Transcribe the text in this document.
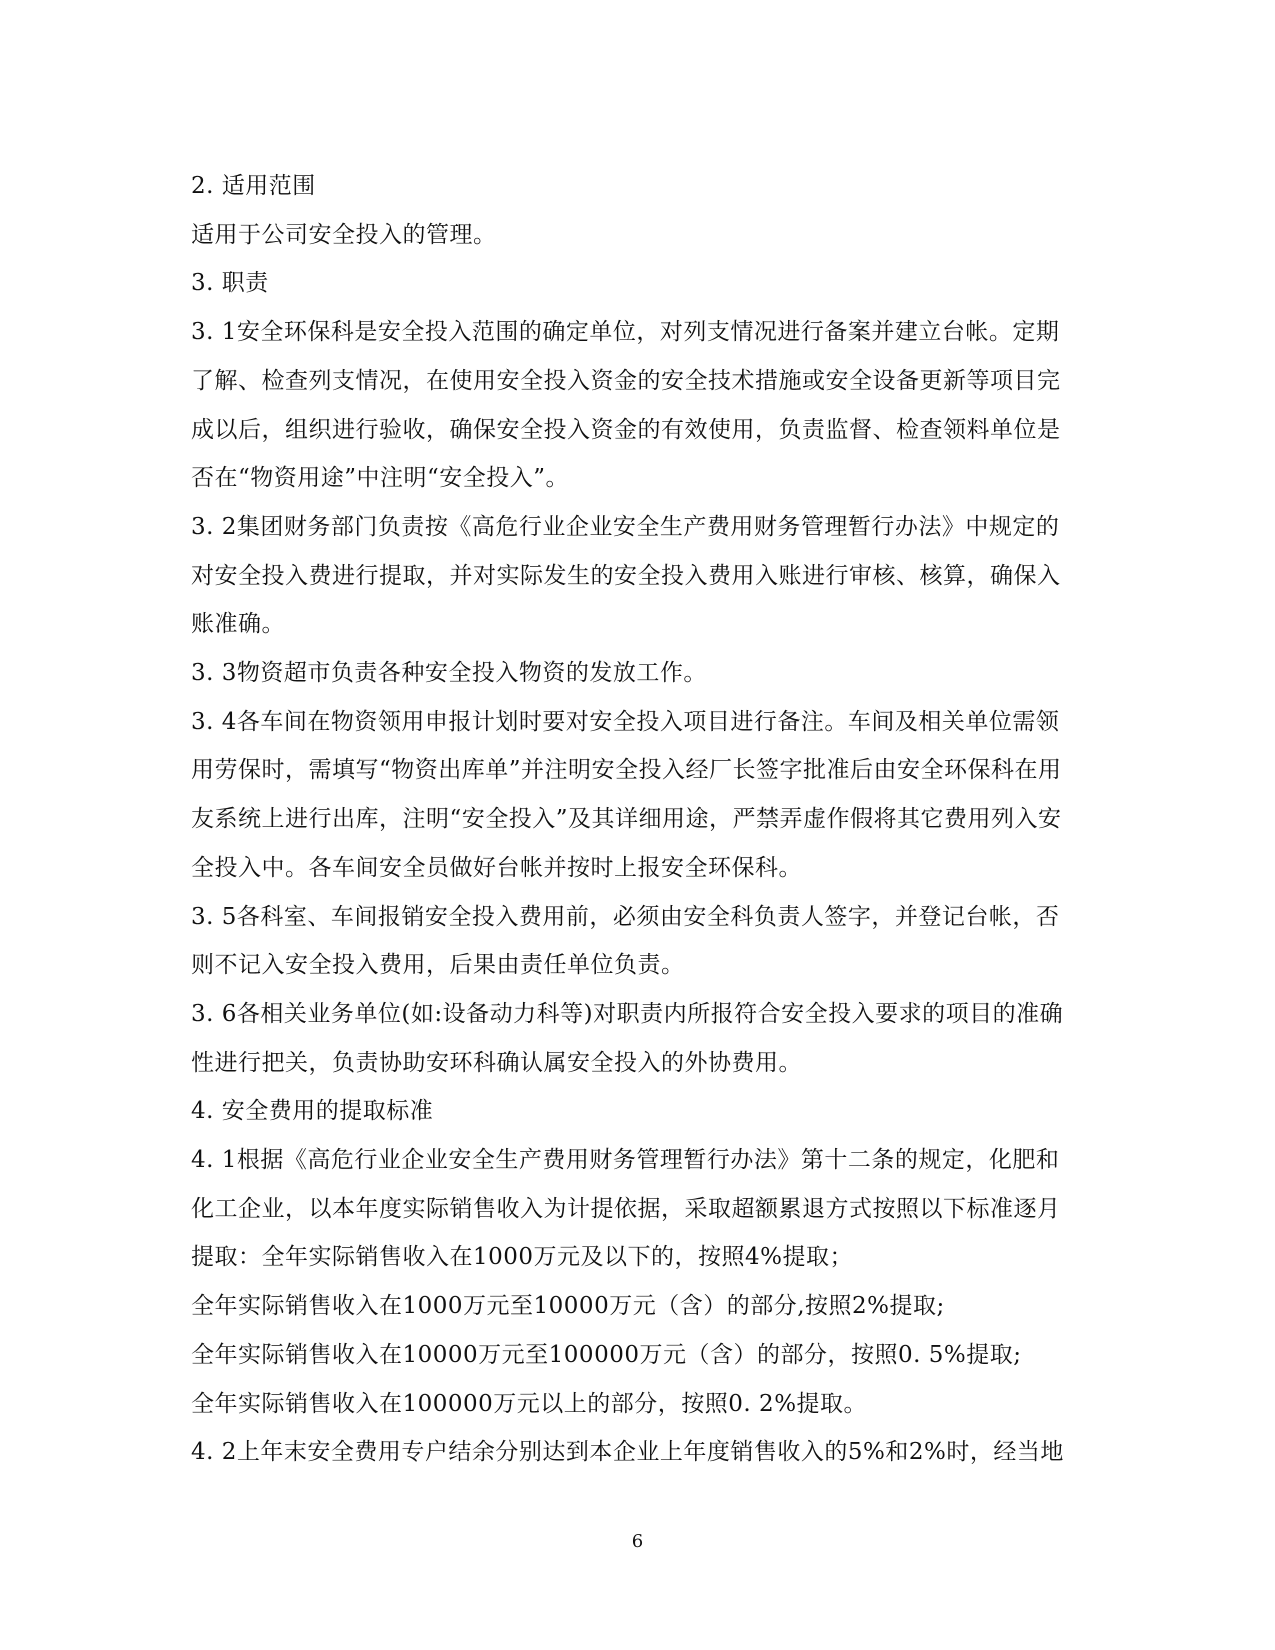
2. 适用范围

适用于公司安全投入的管理。

3. 职责

3. 1安全环保科是安全投入范围的确定单位，对列支情况进行备案并建立台帐。定期了解、检查列支情况，在使用安全投入资金的安全技术措施或安全设备更新等项目完成以后，组织进行验收，确保安全投入资金的有效使用，负责监督、检查领料单位是否在“物资用途”中注明“安全投入”。

3. 2集团财务部门负责按《高危行业企业安全生产费用财务管理暂行办法》中规定的对安全投入费进行提取，并对实际发生的安全投入费用入账进行审核、核算，确保入账准确。

3. 3物资超市负责各种安全投入物资的发放工作。

3. 4各车间在物资领用申报计划时要对安全投入项目进行备注。车间及相关单位需领用劳保时，需填写“物资出库单”并注明安全投入经厂长签字批准后由安全环保科在用友系统上进行出库，注明“安全投入”及其详细用途，严禁弄虚作假将其它费用列入安全投入中。各车间安全员做好台帐并按时上报安全环保科。

3. 5各科室、车间报销安全投入费用前，必须由安全科负责人签字，并登记台帐，否则不记入安全投入费用，后果由责任单位负责。

3. 6各相关业务单位(如:设备动力科等)对职责内所报符合安全投入要求的项目的准确性进行把关，负责协助安环科确认属安全投入的外协费用。

4. 安全费用的提取标准

4. 1根据《高危行业企业安全生产费用财务管理暂行办法》第十二条的规定，化肥和化工企业，以本年度实际销售收入为计提依据，采取超额累退方式按照以下标准逐月提取：全年实际销售收入在1000万元及以下的，按照4%提取；

全年实际销售收入在1000万元至10000万元（含）的部分,按照2%提取;

全年实际销售收入在10000万元至100000万元（含）的部分，按照0. 5%提取;

全年实际销售收入在100000万元以上的部分，按照0. 2%提取。

4. 2上年末安全费用专户结余分别达到本企业上年度销售收入的5%和2%时，经当地

6
